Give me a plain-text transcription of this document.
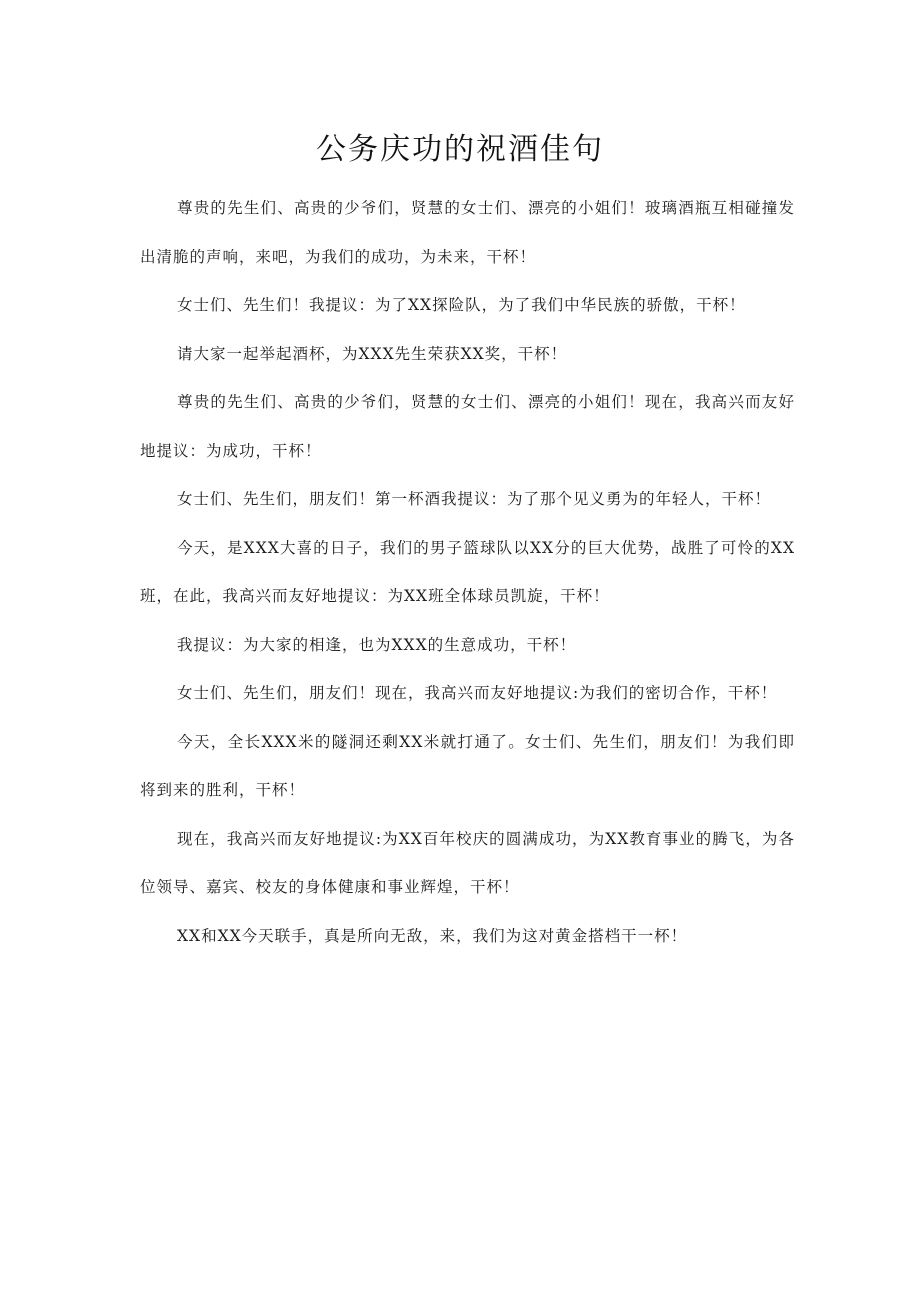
公务庆功的祝酒佳句

尊贵的先生们、高贵的少爷们，贤慧的女士们、漂亮的小姐们！玻璃酒瓶互相碰撞发出清脆的声响，来吧，为我们的成功，为未来，干杯！

女士们、先生们！我提议：为了XX探险队，为了我们中华民族的骄傲，干杯！

请大家一起举起酒杯，为XXX先生荣获XX奖，干杯！

尊贵的先生们、高贵的少爷们，贤慧的女士们、漂亮的小姐们！现在，我高兴而友好地提议：为成功，干杯！

女士们、先生们，朋友们！第一杯酒我提议：为了那个见义勇为的年轻人，干杯！

今天，是XXX大喜的日子，我们的男子篮球队以XX分的巨大优势，战胜了可怜的XX班，在此，我高兴而友好地提议：为XX班全体球员凯旋，干杯！

我提议：为大家的相逢，也为XXX的生意成功，干杯！

女士们、先生们，朋友们！现在，我高兴而友好地提议:为我们的密切合作，干杯！

今天，全长XXX米的隧洞还剩XX米就打通了。女士们、先生们，朋友们！为我们即将到来的胜利，干杯！

现在，我高兴而友好地提议:为XX百年校庆的圆满成功，为XX教育事业的腾飞，为各位领导、嘉宾、校友的身体健康和事业辉煌，干杯！

XX和XX今天联手，真是所向无敌，来，我们为这对黄金搭档干一杯！
